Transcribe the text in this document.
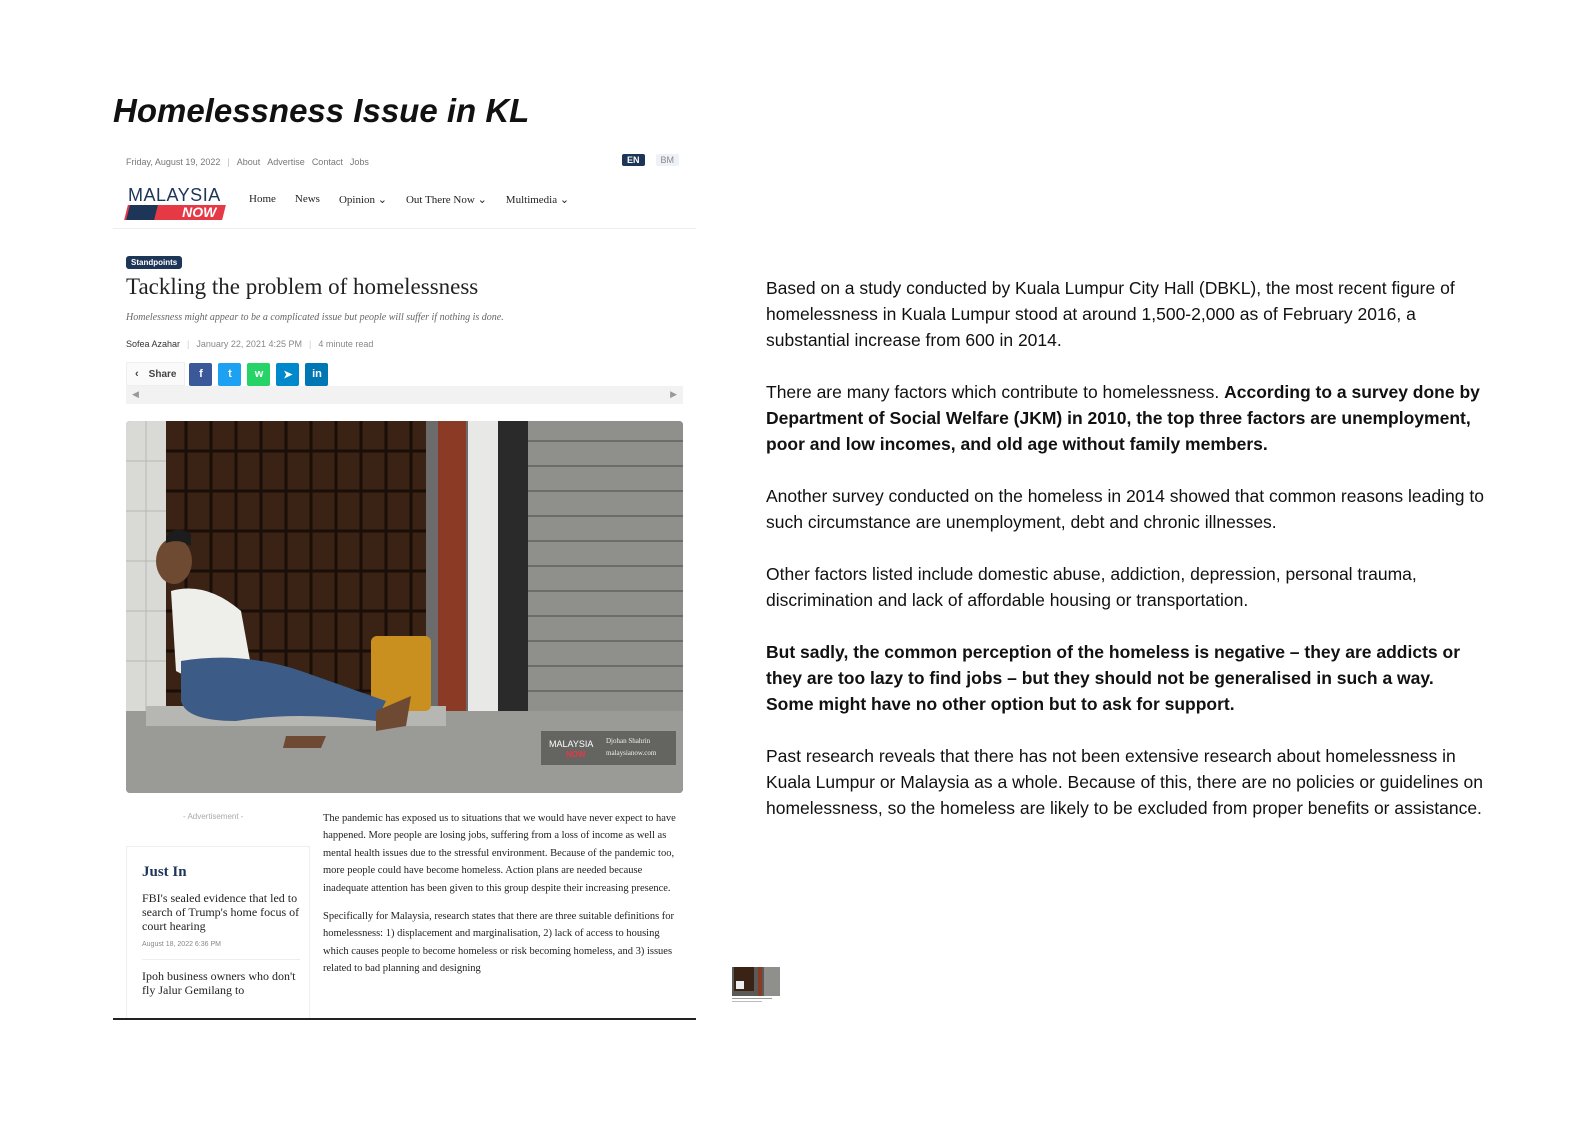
Homelessness Issue in KL
Friday, August 19, 2022 | About Advertise Contact Jobs	EN	BM
MALAYSIA
NOW
Home News Opinion ⌄ Out There Now ⌄ Multimedia ⌄
Standpoints
Tackling the problem of homelessness
Homelessness might appear to be a complicated issue but people will suffer if nothing is done.
Sofea Azahar | January 22, 2021 4:25 PM | 4 minute read
‹ Share	f	t	w	➤	in
◀	▶
MALAYSIA
NOW
Djohan Shahrin
malaysianow.com
- Advertisement -
Just In
FBI's sealed evidence that led to search of Trump's home focus of court hearing
August 18, 2022 6:36 PM
Ipoh business owners who don't fly Jalur Gemilang to

The pandemic has exposed us to situations that we would have never expect to have happened. More people are losing jobs, suffering from a loss of income as well as mental health issues due to the stressful environment. Because of the pandemic too, more people could have become homeless. Action plans are needed because inadequate attention has been given to this group despite their increasing presence.

Specifically for Malaysia, research states that there are three suitable definitions for homelessness: 1) displacement and marginalisation, 2) lack of access to housing which causes people to become homeless or risk becoming homeless, and 3) issues related to bad planning and designing

Based on a study conducted by Kuala Lumpur City Hall (DBKL), the most recent figure of homelessness in Kuala Lumpur stood at around 1,500-2,000 as of February 2016, a substantial increase from 600 in 2014.

There are many factors which contribute to homelessness. According to a survey done by Department of Social Welfare (JKM) in 2010, the top three factors are unemployment, poor and low incomes, and old age without family members.

Another survey conducted on the homeless in 2014 showed that common reasons leading to such circumstance are unemployment, debt and chronic illnesses.

Other factors listed include domestic abuse, addiction, depression, personal trauma, discrimination and lack of affordable housing or transportation.

But sadly, the common perception of the homeless is negative – they are addicts or they are too lazy to find jobs – but they should not be generalised in such a way. Some might have no other option but to ask for support.

Past research reveals that there has not been extensive research about homelessness in Kuala Lumpur or Malaysia as a whole. Because of this, there are no policies or guidelines on homelessness, so the homeless are likely to be excluded from proper benefits or assistance.
